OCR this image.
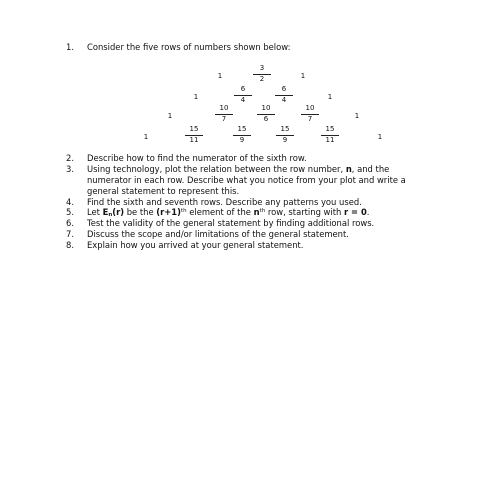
1. Consider the five rows of numbers shown below:
1
3
2	1
1
6
4
6
4	1
1
10
7
10
6
10
7	1
1
15
11
15
9
15
9
15
11	1
2. Describe how to find the numerator of the sixth row.
3. Using technology, plot the relation between the row number, n, and the
numerator in each row. Describe what you notice from your plot and write a
general statement to represent this.
4. Find the sixth and seventh rows. Describe any patterns you used.
5. Let $E_n(r)$ be the $(r+1)^{th}$ element of the $n^{th}$ row, starting with r = 0.
6. Test the validity of the general statement by finding additional rows.
7. Discuss the scope and/or limitations of the general statement.
8. Explain how you arrived at your general statement.
